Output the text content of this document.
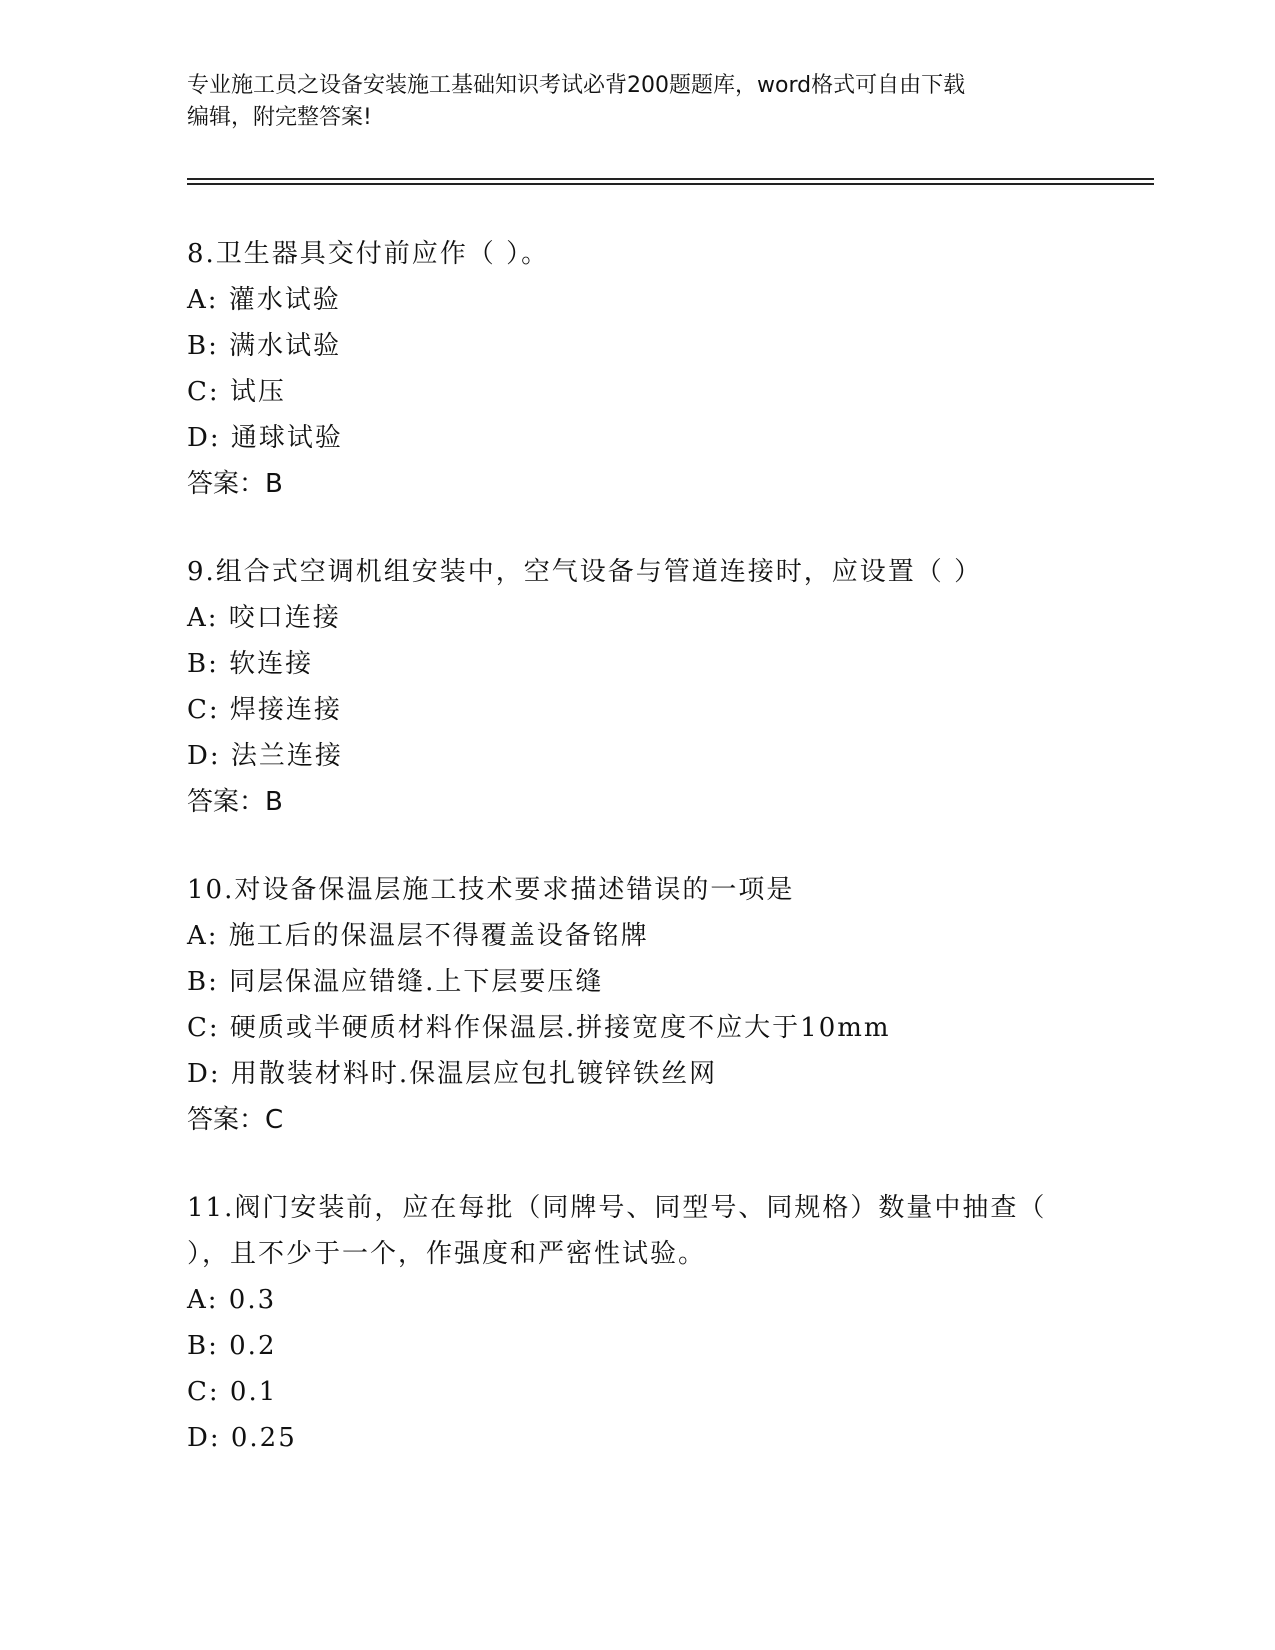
专业施工员之设备安装施工基础知识考试必背200题题库，word格式可自由下载
编辑，附完整答案!
8.卫生器具交付前应作（ ）。
A: 灌水试验
B: 满水试验
C: 试压
D: 通球试验
答案：B
9.组合式空调机组安装中，空气设备与管道连接时，应设置（ ）
A: 咬口连接
B: 软连接
C: 焊接连接
D: 法兰连接
答案：B
10.对设备保温层施工技术要求描述错误的一项是
A: 施工后的保温层不得覆盖设备铭牌
B: 同层保温应错缝.上下层要压缝
C: 硬质或半硬质材料作保温层.拼接宽度不应大于10mm
D: 用散装材料时.保温层应包扎镀锌铁丝网
答案：C
11.阀门安装前，应在每批（同牌号、同型号、同规格）数量中抽查（
），且不少于一个，作强度和严密性试验。
A: 0.3
B: 0.2
C: 0.1
D: 0.25
